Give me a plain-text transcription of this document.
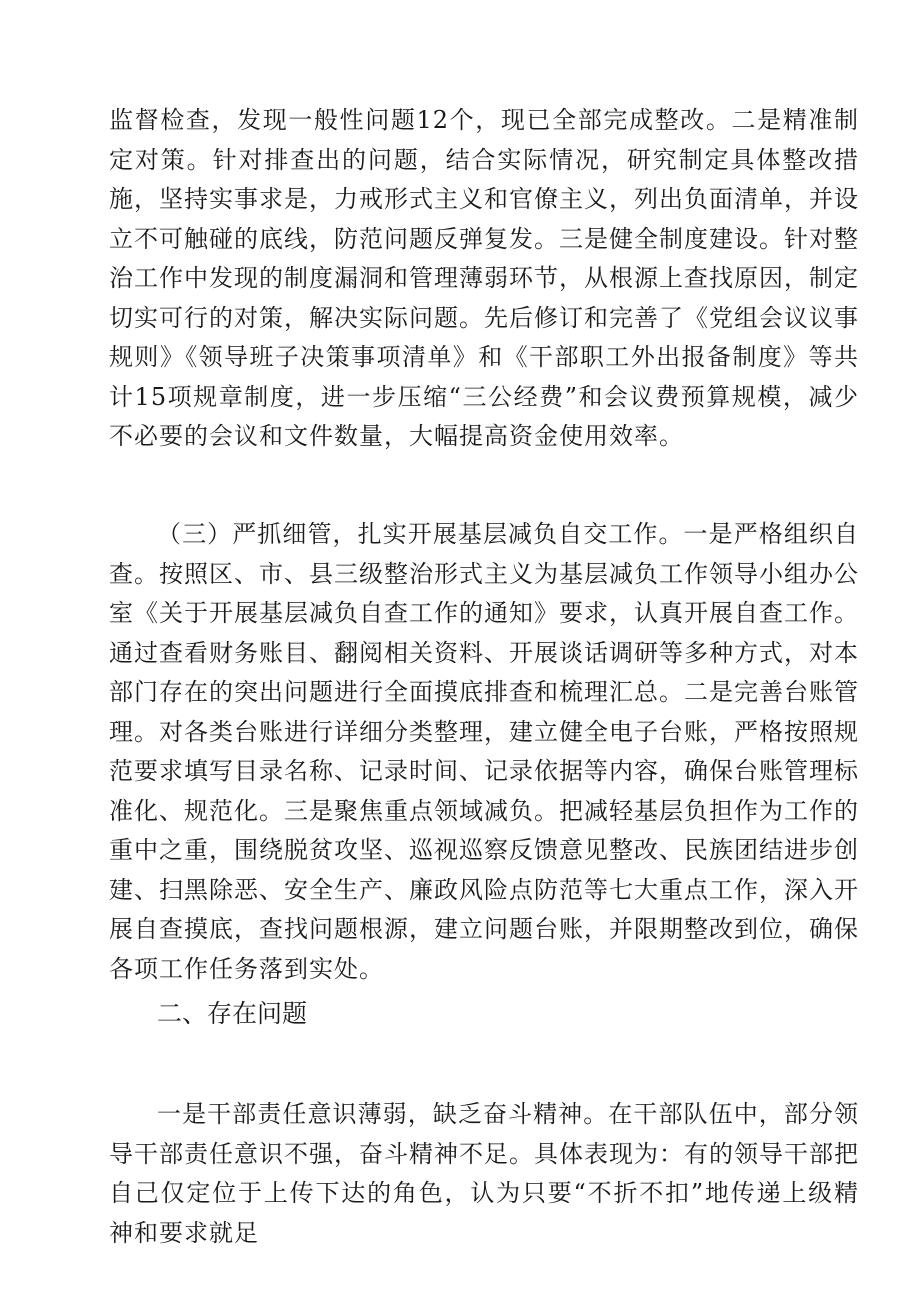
监督检查，发现一般性问题12个，现已全部完成整改。二是精准制定对策。针对排查出的问题，结合实际情况，研究制定具体整改措施，坚持实事求是，力戒形式主义和官僚主义，列出负面清单，并设立不可触碰的底线，防范问题反弹复发。三是健全制度建设。针对整治工作中发现的制度漏洞和管理薄弱环节，从根源上查找原因，制定切实可行的对策，解决实际问题。先后修订和完善了《党组会议议事规则》《领导班子决策事项清单》和《干部职工外出报备制度》等共计15项规章制度，进一步压缩“三公经费”和会议费预算规模，减少不必要的会议和文件数量，大幅提高资金使用效率。

（三）严抓细管，扎实开展基层减负自交工作。一是严格组织自查。按照区、市、县三级整治形式主义为基层减负工作领导小组办公室《关于开展基层减负自查工作的通知》要求，认真开展自查工作。通过查看财务账目、翻阅相关资料、开展谈话调研等多种方式，对本部门存在的突出问题进行全面摸底排查和梳理汇总。二是完善台账管理。对各类台账进行详细分类整理，建立健全电子台账，严格按照规范要求填写目录名称、记录时间、记录依据等内容，确保台账管理标准化、规范化。三是聚焦重点领域减负。把减轻基层负担作为工作的重中之重，围绕脱贫攻坚、巡视巡察反馈意见整改、民族团结进步创建、扫黑除恶、安全生产、廉政风险点防范等七大重点工作，深入开展自查摸底，查找问题根源，建立问题台账，并限期整改到位，确保各项工作任务落到实处。

二、存在问题

一是干部责任意识薄弱，缺乏奋斗精神。在干部队伍中，部分领导干部责任意识不强，奋斗精神不足。具体表现为：有的领导干部把自己仅定位于上传下达的角色，认为只要“不折不扣”地传递上级精神和要求就足
